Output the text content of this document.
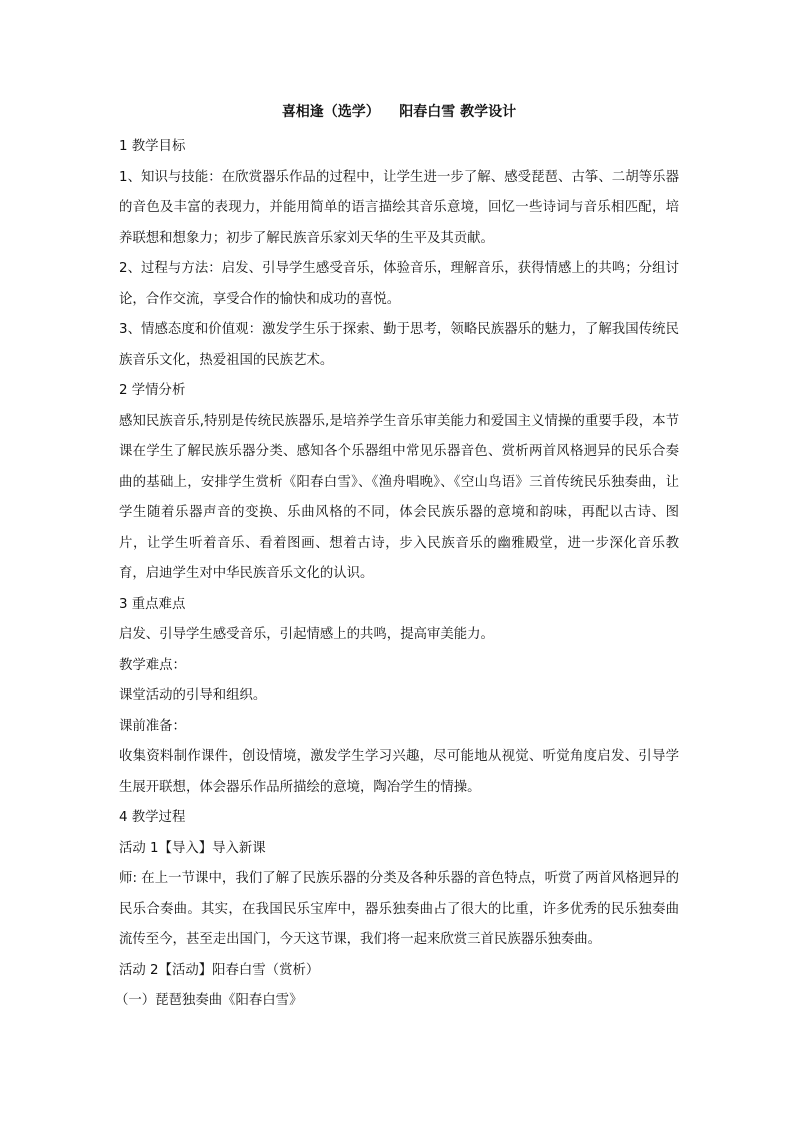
喜相逢（选学）    阳春白雪 教学设计

1 教学目标

1、知识与技能：在欣赏器乐作品的过程中，让学生进一步了解、感受琵琶、古筝、二胡等乐器的音色及丰富的表现力，并能用简单的语言描绘其音乐意境，回忆一些诗词与音乐相匹配，培养联想和想象力；初步了解民族音乐家刘天华的生平及其贡献。

2、过程与方法：启发、引导学生感受音乐，体验音乐，理解音乐，获得情感上的共鸣；分组讨论，合作交流，享受合作的愉快和成功的喜悦。

3、情感态度和价值观：激发学生乐于探索、勤于思考，领略民族器乐的魅力，了解我国传统民族音乐文化，热爱祖国的民族艺术。

2 学情分析

感知民族音乐,特别是传统民族器乐,是培养学生音乐审美能力和爱国主义情操的重要手段，本节课在学生了解民族乐器分类、感知各个乐器组中常见乐器音色、赏析两首风格迥异的民乐合奏曲的基础上，安排学生赏析《阳春白雪》、《渔舟唱晚》、《空山鸟语》三首传统民乐独奏曲，让学生随着乐器声音的变换、乐曲风格的不同，体会民族乐器的意境和韵味，再配以古诗、图片，让学生听着音乐、看着图画、想着古诗，步入民族音乐的幽雅殿堂，进一步深化音乐教育，启迪学生对中华民族音乐文化的认识。

3 重点难点

启发、引导学生感受音乐，引起情感上的共鸣，提高审美能力。

教学难点：

课堂活动的引导和组织。

课前准备：

收集资料制作课件，创设情境，激发学生学习兴趣，尽可能地从视觉、听觉角度启发、引导学生展开联想，体会器乐作品所描绘的意境，陶冶学生的情操。

4 教学过程

活动 1【导入】导入新课

师: 在上一节课中，我们了解了民族乐器的分类及各种乐器的音色特点，听赏了两首风格迥异的民乐合奏曲。其实，在我国民乐宝库中，器乐独奏曲占了很大的比重，许多优秀的民乐独奏曲流传至今，甚至走出国门，今天这节课，我们将一起来欣赏三首民族器乐独奏曲。

活动 2【活动】阳春白雪（赏析）

（一）琵琶独奏曲《阳春白雪》
